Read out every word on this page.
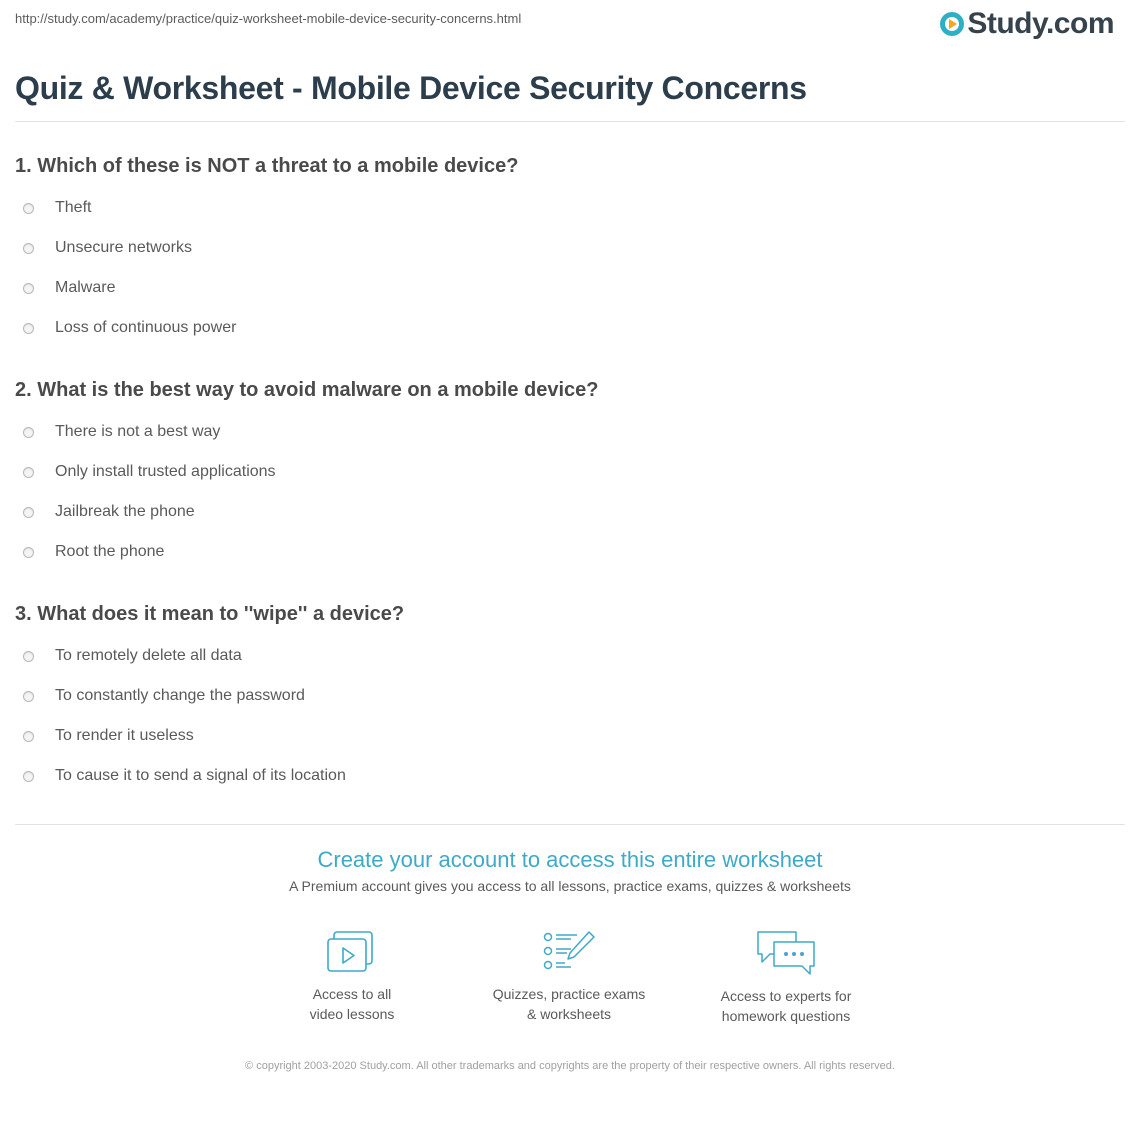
http://study.com/academy/practice/quiz-worksheet-mobile-device-security-concerns.html	Study.com
Quiz & Worksheet - Mobile Device Security Concerns
1. Which of these is NOT a threat to a mobile device?
Theft
Unsecure networks
Malware
Loss of continuous power
2. What is the best way to avoid malware on a mobile device?
There is not a best way
Only install trusted applications
Jailbreak the phone
Root the phone
3. What does it mean to ''wipe'' a device?
To remotely delete all data
To constantly change the password
To render it useless
To cause it to send a signal of its location

Create your account to access this entire worksheet

A Premium account gives you access to all lessons, practice exams, quizzes & worksheets
Access to all
video lessons
Quizzes, practice exams
& worksheets
Access to experts for
homework questions
© copyright 2003-2020 Study.com. All other trademarks and copyrights are the property of their respective owners. All rights reserved.
